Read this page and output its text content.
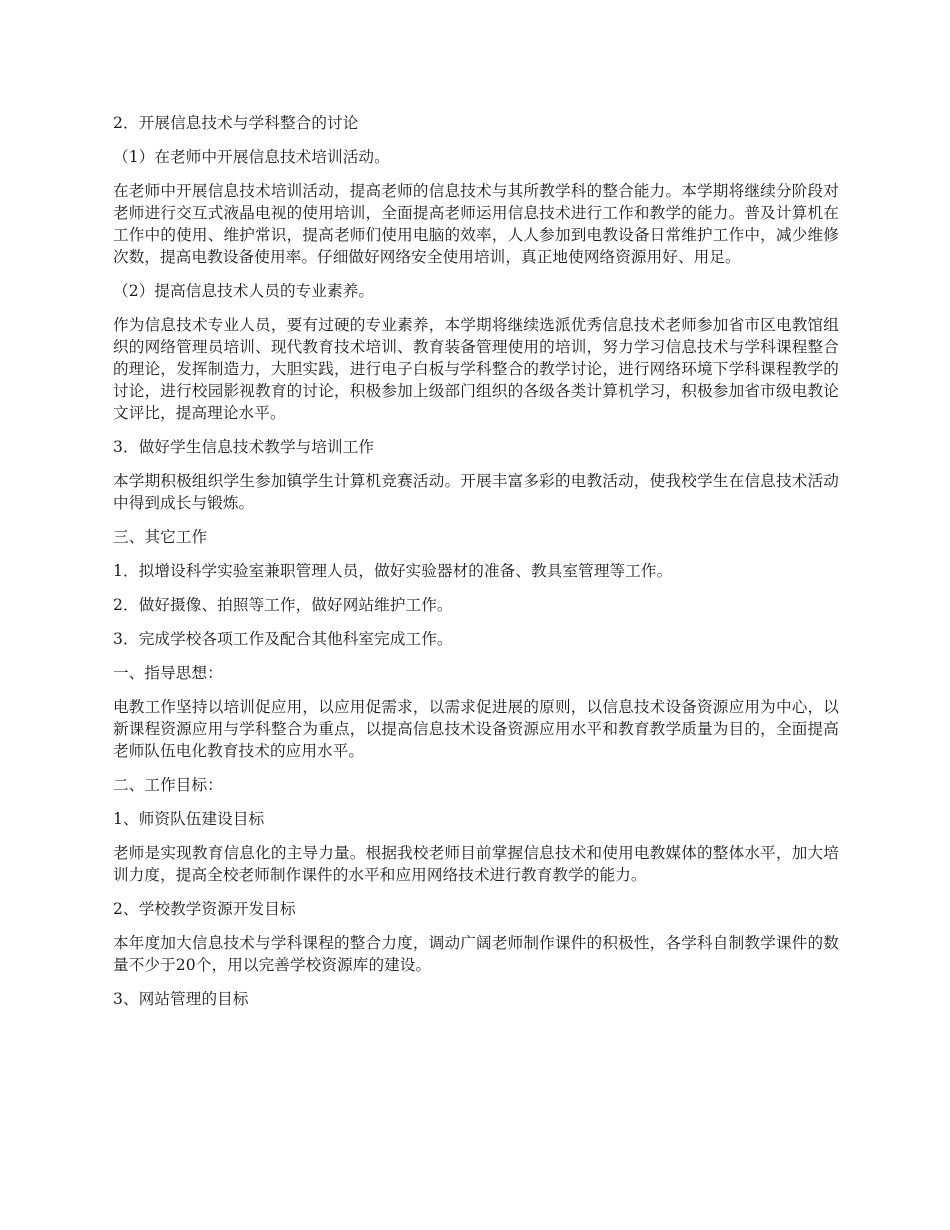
2．开展信息技术与学科整合的讨论

（1）在老师中开展信息技术培训活动。

在老师中开展信息技术培训活动，提高老师的信息技术与其所教学科的整合能力。本学期将继续分阶段对老师进行交互式液晶电视的使用培训，全面提高老师运用信息技术进行工作和教学的能力。普及计算机在工作中的使用、维护常识，提高老师们使用电脑的效率，人人参加到电教设备日常维护工作中，减少维修次数，提高电教设备使用率。仔细做好网络安全使用培训，真正地使网络资源用好、用足。

（2）提高信息技术人员的专业素养。

作为信息技术专业人员，要有过硬的专业素养，本学期将继续选派优秀信息技术老师参加省市区电教馆组织的网络管理员培训、现代教育技术培训、教育装备管理使用的培训，努力学习信息技术与学科课程整合的理论，发挥制造力，大胆实践，进行电子白板与学科整合的教学讨论，进行网络环境下学科课程教学的讨论，进行校园影视教育的讨论，积极参加上级部门组织的各级各类计算机学习，积极参加省市级电教论文评比，提高理论水平。

3．做好学生信息技术教学与培训工作

本学期积极组织学生参加镇学生计算机竞赛活动。开展丰富多彩的电教活动，使我校学生在信息技术活动中得到成长与锻炼。

三、其它工作

1．拟增设科学实验室兼职管理人员，做好实验器材的准备、教具室管理等工作。

2．做好摄像、拍照等工作，做好网站维护工作。

3．完成学校各项工作及配合其他科室完成工作。

一、指导思想：

电教工作坚持以培训促应用，以应用促需求，以需求促进展的原则，以信息技术设备资源应用为中心，以新课程资源应用与学科整合为重点，以提高信息技术设备资源应用水平和教育教学质量为目的，全面提高老师队伍电化教育技术的应用水平。

二、工作目标：

1、师资队伍建设目标

老师是实现教育信息化的主导力量。根据我校老师目前掌握信息技术和使用电教媒体的整体水平，加大培训力度，提高全校老师制作课件的水平和应用网络技术进行教育教学的能力。

2、学校教学资源开发目标

本年度加大信息技术与学科课程的整合力度，调动广阔老师制作课件的积极性，各学科自制教学课件的数量不少于20个，用以完善学校资源库的建设。

3、网站管理的目标
